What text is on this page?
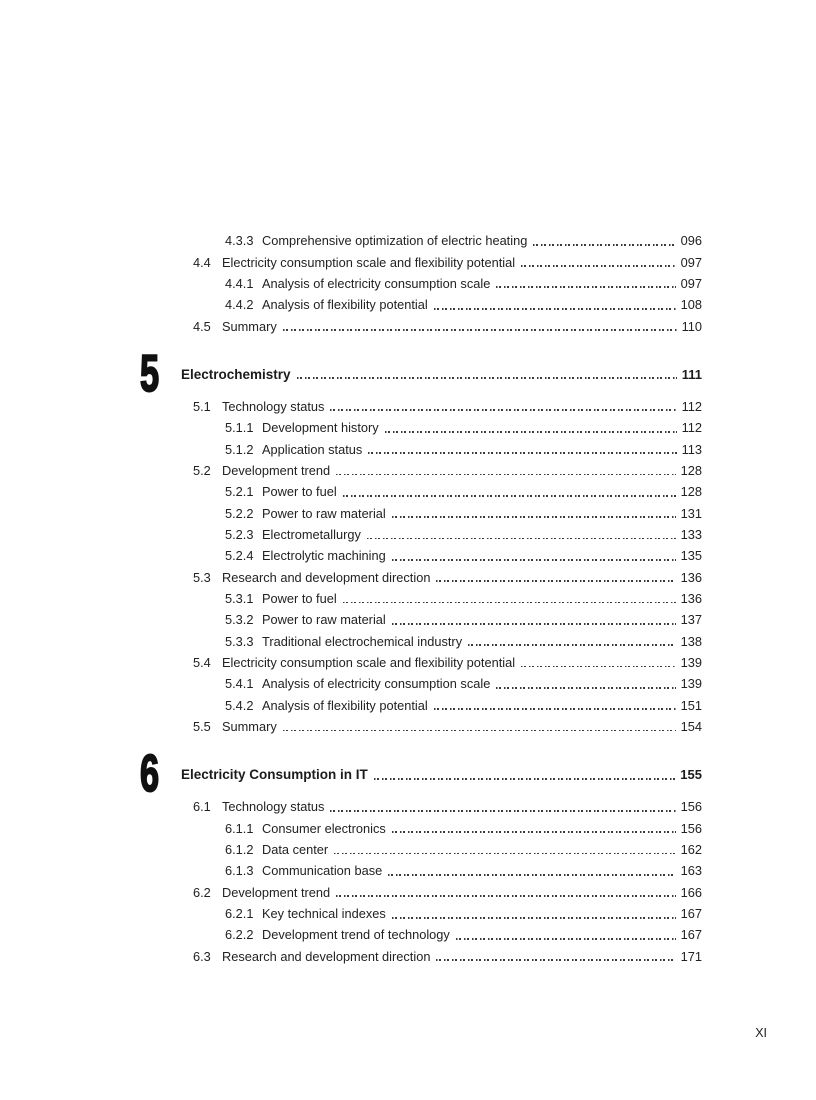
4.3.3 Comprehensive optimization of electric heating	096
4.4 Electricity consumption scale and flexibility potential	097
4.4.1 Analysis of electricity consumption scale	097
4.4.2 Analysis of flexibility potential	108
4.5 Summary	110
5	Electrochemistry	111
5.1 Technology status	112
5.1.1 Development history	112
5.1.2 Application status	113
5.2 Development trend	128
5.2.1 Power to fuel	128
5.2.2 Power to raw material	131
5.2.3 Electrometallurgy	133
5.2.4 Electrolytic machining	135
5.3 Research and development direction	136
5.3.1 Power to fuel	136
5.3.2 Power to raw material	137
5.3.3 Traditional electrochemical industry	138
5.4 Electricity consumption scale and flexibility potential	139
5.4.1 Analysis of electricity consumption scale	139
5.4.2 Analysis of flexibility potential	151
5.5 Summary	154
6	Electricity Consumption in IT	155
6.1 Technology status	156
6.1.1 Consumer electronics	156
6.1.2 Data center	162
6.1.3 Communication base	163
6.2 Development trend	166
6.2.1 Key technical indexes	167
6.2.2 Development trend of technology	167
6.3 Research and development direction	171
XI
